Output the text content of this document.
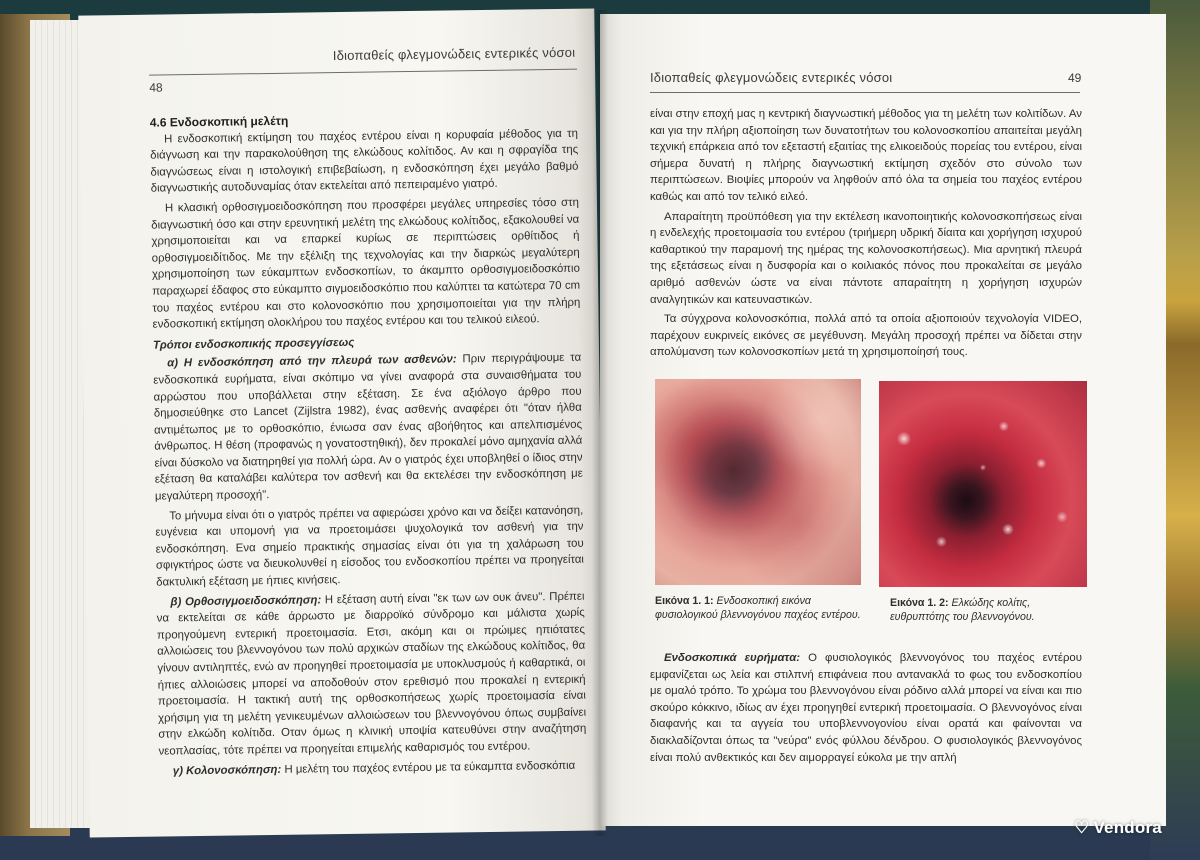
Ιδιοπαθείς φλεγμονώδεις εντερικές νόσοι
48
4.6 Ενδοσκοπική μελέτη

Η ενδοσκοπική εκτίμηση του παχέος εντέρου είναι η κορυφαία μέθοδος για τη διάγνωση και την παρακολούθηση της ελκώδους κολίτιδος. Αν και η σφραγίδα της διαγνώσεως είναι η ιστολογική επιβεβαίωση, η ενδοσκόπηση έχει μεγάλο βαθμό διαγνωστικής αυτοδυναμίας όταν εκτελείται από πεπειραμένο γιατρό.

Η κλασική ορθοσιγμοειδοσκόπηση που προσφέρει μεγάλες υπηρεσίες τόσο στη διαγνωστική όσο και στην ερευνητική μελέτη της ελκώδους κολίτιδος, εξακολουθεί να χρησιμοποιείται και να επαρκεί κυρίως σε περιπτώσεις ορθίτιδος ή ορθοσιγμοειδίτιδος. Με την εξέλιξη της τεχνολογίας και την διαρκώς μεγαλύτερη χρησιμοποίηση των εύκαμπτων ενδοσκοπίων, το άκαμπτο ορθοσιγμοειδοσκόπιο παραχωρεί έδαφος στο εύκαμπτο σιγμοειδοσκόπιο που καλύπτει τα κατώτερα 70 cm του παχέος εντέρου και στο κολονοσκόπιο που χρησιμοποιείται για την πλήρη ενδοσκοπική εκτίμηση ολοκλήρου του παχέος εντέρου και του τελικού ειλεού.

Τρόποι ενδοσκοπικής προσεγγίσεως

α) Η ενδοσκόπηση από την πλευρά των ασθενών: Πριν περιγράψουμε τα ενδοσκοπικά ευρήματα, είναι σκόπιμο να γίνει αναφορά στα συναισθήματα του αρρώστου που υποβάλλεται στην εξέταση. Σε ένα αξιόλογο άρθρο που δημοσιεύθηκε στο Lancet (Zijlstra 1982), ένας ασθενής αναφέρει ότι "όταν ήλθα αντιμέτωπος με το ορθοσκόπιο, ένιωσα σαν ένας αβοήθητος και απελπισμένος άνθρωπος. Η θέση (προφανώς η γονατοστηθική), δεν προκαλεί μόνο αμηχανία αλλά είναι δύσκολο να διατηρηθεί για πολλή ώρα. Αν ο γιατρός έχει υποβληθεί ο ίδιος στην εξέταση θα καταλάβει καλύτερα τον ασθενή και θα εκτελέσει την ενδοσκόπηση με μεγαλύτερη προσοχή".

Το μήνυμα είναι ότι ο γιατρός πρέπει να αφιερώσει χρόνο και να δείξει κατανόηση, ευγένεια και υπομονή για να προετοιμάσει ψυχολογικά τον ασθενή για την ενδοσκόπηση. Ενα σημείο πρακτικής σημασίας είναι ότι για τη χαλάρωση του σφιγκτήρος ώστε να διευκολυνθεί η είσοδος του ενδοσκοπίου πρέπει να προηγείται δακτυλική εξέταση με ήπιες κινήσεις.

β) Ορθοσιγμοειδοσκόπηση: Η εξέταση αυτή είναι "εκ των ων ουκ άνευ". Πρέπει να εκτελείται σε κάθε άρρωστο με διαρροϊκό σύνδρομο και μάλιστα χωρίς προηγούμενη εντερική προετοιμασία. Ετσι, ακόμη και οι πρώιμες ηπιότατες αλλοιώσεις του βλεννογόνου των πολύ αρχικών σταδίων της ελκώδους κολίτιδος, θα γίνουν αντιληπτές, ενώ αν προηγηθεί προετοιμασία με υποκλυσμούς ή καθαρτικά, οι ήπιες αλλοιώσεις μπορεί να αποδοθούν στον ερεθισμό που προκαλεί η εντερική προετοιμασία. Η τακτική αυτή της ορθοσκοπήσεως χωρίς προετοιμασία είναι χρήσιμη για τη μελέτη γενικευμένων αλλοιώσεων του βλεννογόνου όπως συμβαίνει στην ελκώδη κολίτιδα. Οταν όμως η κλινική υποψία κατευθύνει στην αναζήτηση νεοπλασίας, τότε πρέπει να προηγείται επιμελής καθαρισμός του εντέρου.

γ) Κολονοσκόπηση: Η μελέτη του παχέος εντέρου με τα εύκαμπτα ενδοσκόπια

Ιδιοπαθείς φλεγμονώδεις εντερικές νόσοι	49

είναι στην εποχή μας η κεντρική διαγνωστική μέθοδος για τη μελέτη των κολιτίδων. Αν και για την πλήρη αξιοποίηση των δυνατοτήτων του κολονοσκοπίου απαιτείται μεγάλη τεχνική επάρκεια από τον εξεταστή εξαιτίας της ελικοειδούς πορείας του εντέρου, είναι σήμερα δυνατή η πλήρης διαγνωστική εκτίμηση σχεδόν στο σύνολο των περιπτώσεων. Βιοψίες μπορούν να ληφθούν από όλα τα σημεία του παχέος εντέρου καθώς και από τον τελικό ειλεό.

Απαραίτητη προϋπόθεση για την εκτέλεση ικανοποιητικής κολονοσκοπήσεως είναι η ενδελεχής προετοιμασία του εντέρου (τριήμερη υδρική δίαιτα και χορήγηση ισχυρού καθαρτικού την παραμονή της ημέρας της κολονοσκοπήσεως). Μια αρνητική πλευρά της εξετάσεως είναι η δυσφορία και ο κοιλιακός πόνος που προκαλείται σε μεγάλο αριθμό ασθενών ώστε να είναι πάντοτε απαραίτητη η χορήγηση ισχυρών αναλγητικών και κατευναστικών.

Τα σύγχρονα κολονοσκόπια, πολλά από τα οποία αξιοποιούν τεχνολογία VIDEO, παρέχουν ευκρινείς εικόνες σε μεγέθυνση. Μεγάλη προσοχή πρέπει να δίδεται στην απολύμανση των κολονοσκοπίων μετά τη χρησιμοποίησή τους.

Εικόνα 1. 1: Ενδοσκοπική εικόνα φυσιολογικού βλεννογόνου παχέος εντέρου.
Εικόνα 1. 2: Ελκώδης κολίτις, ευθρυπτότης του βλεννογόνου.

Ενδοσκοπικά ευρήματα: Ο φυσιολογικός βλεννογόνος του παχέος εντέρου εμφανίζεται ως λεία και στιλπνή επιφάνεια που αντανακλά το φως του ενδοσκοπίου με ομαλό τρόπο. Το χρώμα του βλεννογόνου είναι ρόδινο αλλά μπορεί να είναι και πιο σκούρο κόκκινο, ιδίως αν έχει προηγηθεί εντερική προετοιμασία. Ο βλεννογόνος είναι διαφανής και τα αγγεία του υποβλεννογονίου είναι ορατά και φαίνονται να διακλαδίζονται όπως τα "νεύρα" ενός φύλλου δένδρου. Ο φυσιολογικός βλεννογόνος είναι πολύ ανθεκτικός και δεν αιμορραγεί εύκολα με την απλή

♡ Vendora
